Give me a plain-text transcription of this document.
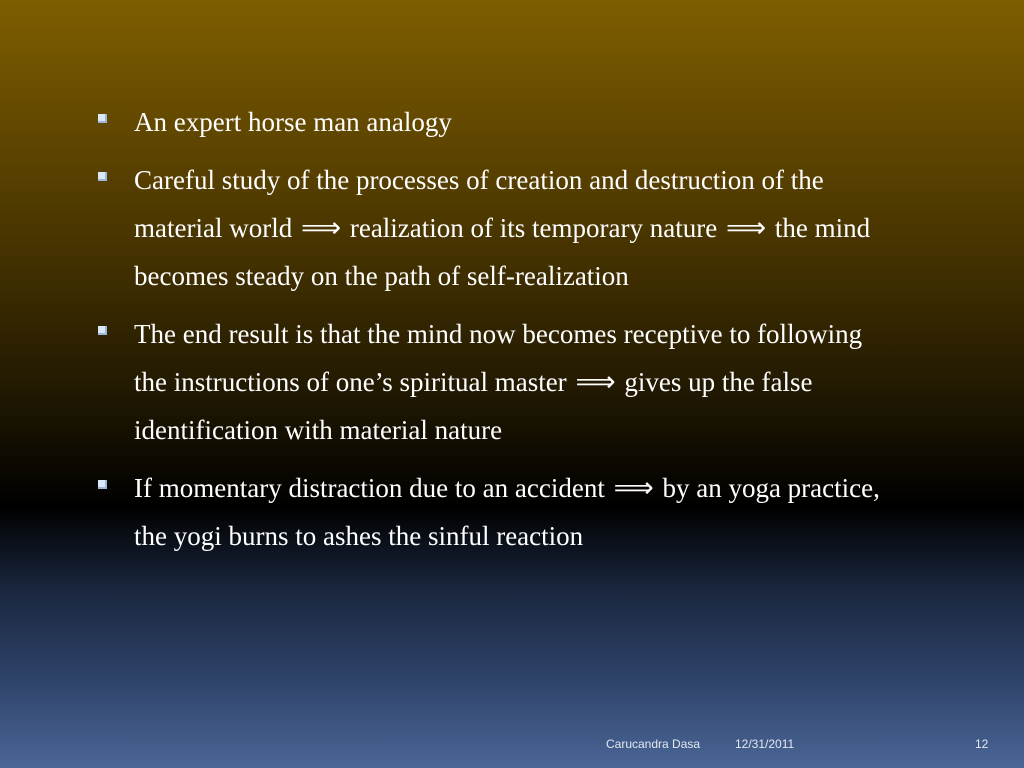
An expert horse man analogy
Careful study of the processes of creation and destruction of the
material world ⟹ realization of its temporary nature ⟹ the mind
becomes steady on the path of self-realization
The end result is that the mind now becomes receptive to following
the instructions of one’s spiritual master ⟹ gives up the false
identification with material nature
If momentary distraction due to an accident ⟹ by an yoga practice,
the yogi burns to ashes the sinful reaction
Carucandra Dasa	12/31/2011	12
